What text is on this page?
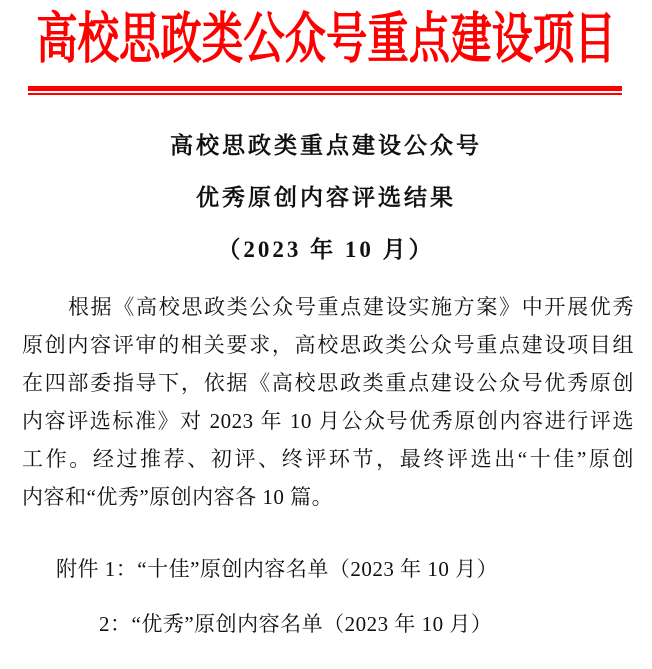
高校思政类公众号重点建设项目
高校思政类重点建设公众号
优秀原创内容评选结果
（2023 年 10 月）
根据《高校思政类公众号重点建设实施方案》中开展优秀
原创内容评审的相关要求，高校思政类公众号重点建设项目组
在四部委指导下，依据《高校思政类重点建设公众号优秀原创
内容评选标准》对 2023 年 10 月公众号优秀原创内容进行评选
工作。经过推荐、初评、终评环节，最终评选出“十佳”原创
内容和“优秀”原创内容各 10 篇。
附件 1：“十佳”原创内容名单（2023 年 10 月）
2：“优秀”原创内容名单（2023 年 10 月）
